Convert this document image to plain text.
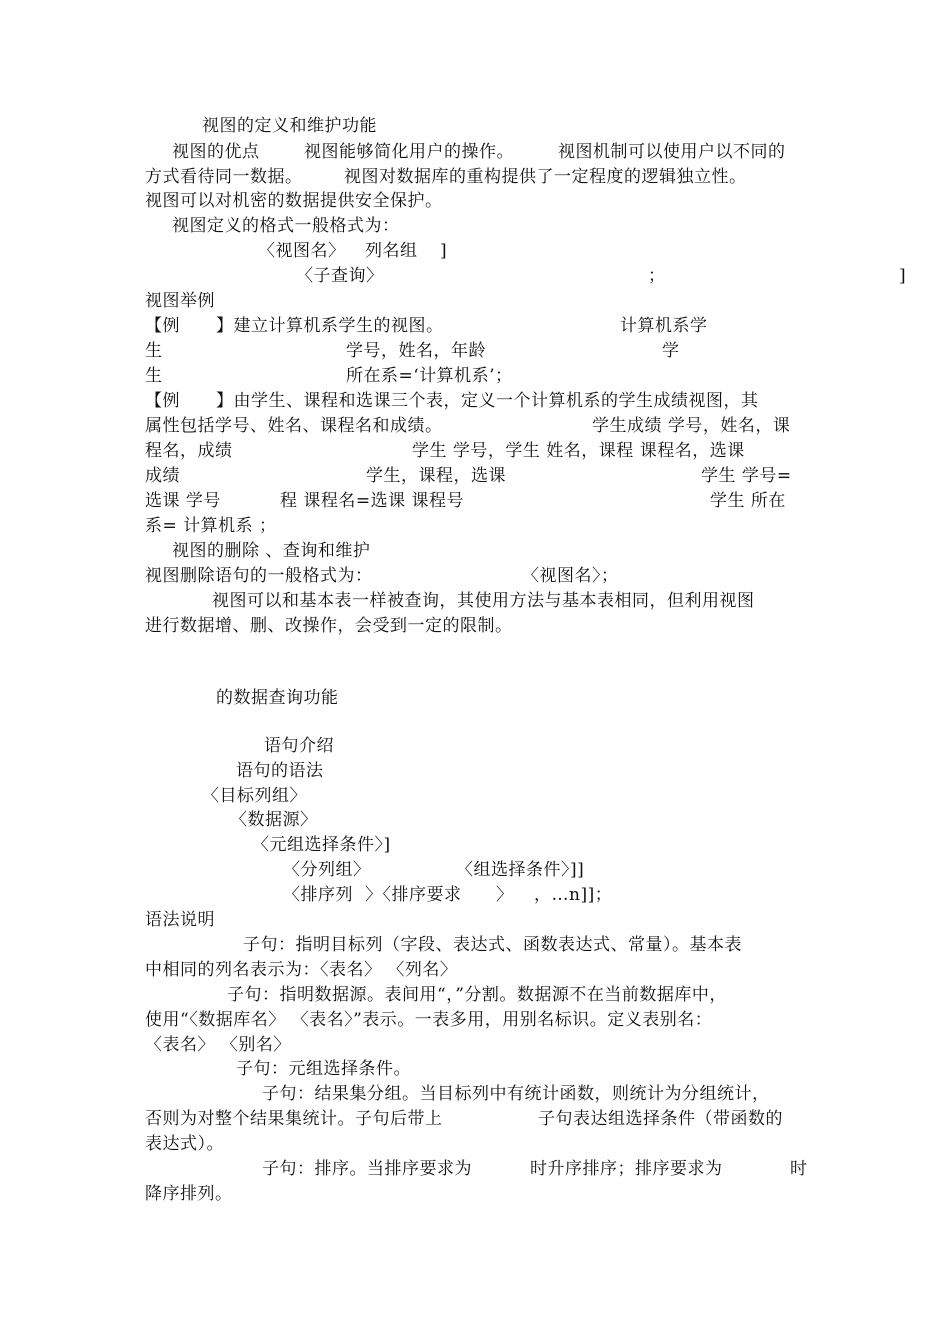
视图的定义和维护功能
视图的优点	视图能够简化用户的操作。	视图机制可以使用户以不同的
方式看待同一数据。 视图对数据库的重构提供了一定程度的逻辑独立性。
视图可以对机密的数据提供安全保护。
视图定义的格式一般格式为：
〈视图名〉 列名组 ]
〈子查询〉	；	]
视图举例
【例 】建立计算机系学生的视图。	计算机系学
生	学号，姓名，年龄	学
生	所在系=‘计算机系’；
【例 】由学生、课程和选课三个表，定义一个计算机系的学生成绩视图，其
属性包括学号、姓名、课程名和成绩。	学生成绩 学号，姓名，课
程名，成绩	学生 学号，学生 姓名，课程 课程名，选课
成绩	学生，课程，选课	学生 学号=
选课 学号	程 课程名=选课 课程号	学生 所在
系= 计算机系 ；
视图的删除 、查询和维护
视图删除语句的一般格式为：	〈视图名〉；
视图可以和基本表一样被查询，其使用方法与基本表相同，但利用视图
进行数据增、删、改操作，会受到一定的限制。
的数据查询功能
语句介绍
语句的语法
〈目标列组〉
〈数据源〉
〈元组选择条件〉]
〈分列组〉	〈组选择条件〉]]
〈排序列 〉〈排序要求 〉 ，…n]]；
语法说明
子句：指明目标列（字段、表达式、函数表达式、常量）。基本表
中相同的列名表示为：〈表名〉 〈列名〉
子句：指明数据源。表间用“，”分割。数据源不在当前数据库中，
使用“〈数据库名〉 〈表名〉”表示。一表多用，用别名标识。定义表别名：
〈表名〉 〈别名〉
子句：元组选择条件。
子句：结果集分组。当目标列中有统计函数，则统计为分组统计，
否则为对整个结果集统计。子句后带上	子句表达组选择条件（带函数的
表达式）。
子句：排序。当排序要求为	时升序排序；排序要求为	时
降序排列。
